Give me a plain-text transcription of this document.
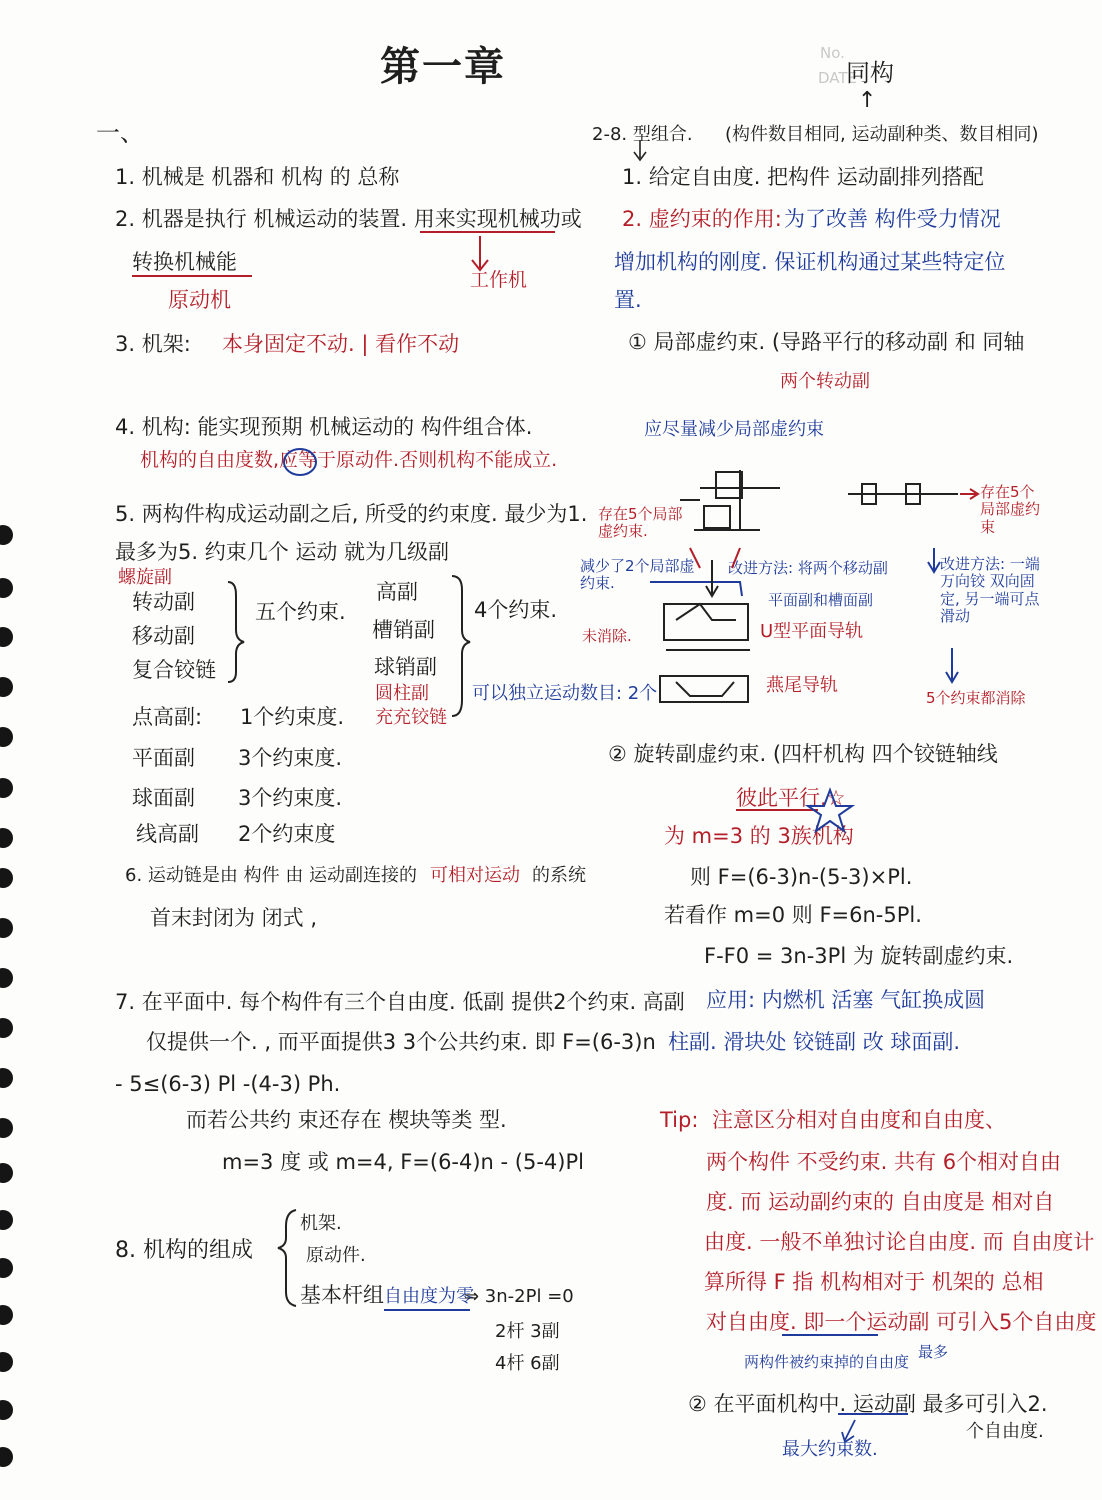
No.
DATE
第一章
一、
同构
↑
1. 机械是 机器和 机构 的 总称
2. 机器是执行 机械运动的装置. 用来实现机械功或
转换机械能
原动机
工作机
3. 机架: 本身固定不动. | 看作不动
4. 机构: 能实现预期 机械运动的 构件组合体.
机构的自由度数,应等于原动件.否则机构不能成立.
5. 两构件构成运动副之后, 所受的约束度. 最少为1.
最多为5. 约束几个 运动 就为几级副
螺旋副
转动副
移动副
复合铰链
五个约束.
高副
槽销副
球销副
圆柱副
充充铰链
4个约束.
可以独立运动数目: 2个.
点高副: 1个约束度.
平面副 3个约束度.
球面副 3个约束度.
线高副 2个约束度
6. 运动链是由 构件 由 运动副连接的 可相对运动 的系统
首末封闭为 闭式 ,
7. 在平面中. 每个构件有三个自由度. 低副 提供2个约束. 高副
仅提供一个. , 而平面提供3 3个公共约束. 即 F=(6-3)n
- 5≤(6-3) Pl -(4-3) Ph.
而若公共约 束还存在 楔块等类 型.
m=3 度 或 m=4, F=(6-4)n - (5-4)Pl
8. 机构的组成
机架.
原动件.
基本杆组 自由度为零
⇒ 3n-2Pl =0
2杆 3副
4杆 6副
2-8. 型组合. (构件数目相同, 运动副种类、数目相同)
1. 给定自由度. 把构件 运动副排列搭配
2. 虚约束的作用: 为了改善 构件受力情况
增加机构的刚度. 保证机构通过某些特定位
置.
① 局部虚约束. (导路平行的移动副 和 同轴
两个转动副
应尽量减少局部虚约束
存在5个局部虚约束.
减少了2个局部虚约束.
未消除.
改进方法: 将两个移动副
平面副和槽面副
U型平面导轨
燕尾导轨
存在5个局部虚约束
改进方法: 一端万向铰 双向固定, 另一端可点滑动
5个约束都消除
② 旋转副虚约束. (四杆机构 四个铰链轴线
彼此平行.☆
为 m=3 的 3族机构
则 F=(6-3)n-(5-3)×Pl.
若看作 m=0 则 F=6n-5Pl.
F-F0 = 3n-3Pl 为 旋转副虚约束.
应用: 内燃机 活塞 气缸换成圆
柱副. 滑块处 铰链副 改 球面副.
Tip: 注意区分相对自由度和自由度、
两个构件 不受约束. 共有 6个相对自由
度. 而 运动副约束的 自由度是 相对自
由度. 一般不单独讨论自由度. 而 自由度计
算所得 F 指 机构相对于 机架的 总相
对自由度. 即一个运动副 可引入5个自由度
两构件被约束掉的自由度
最多
② 在平面机构中. 运动副 最多可引入2.
个自由度.
最大约束数.
